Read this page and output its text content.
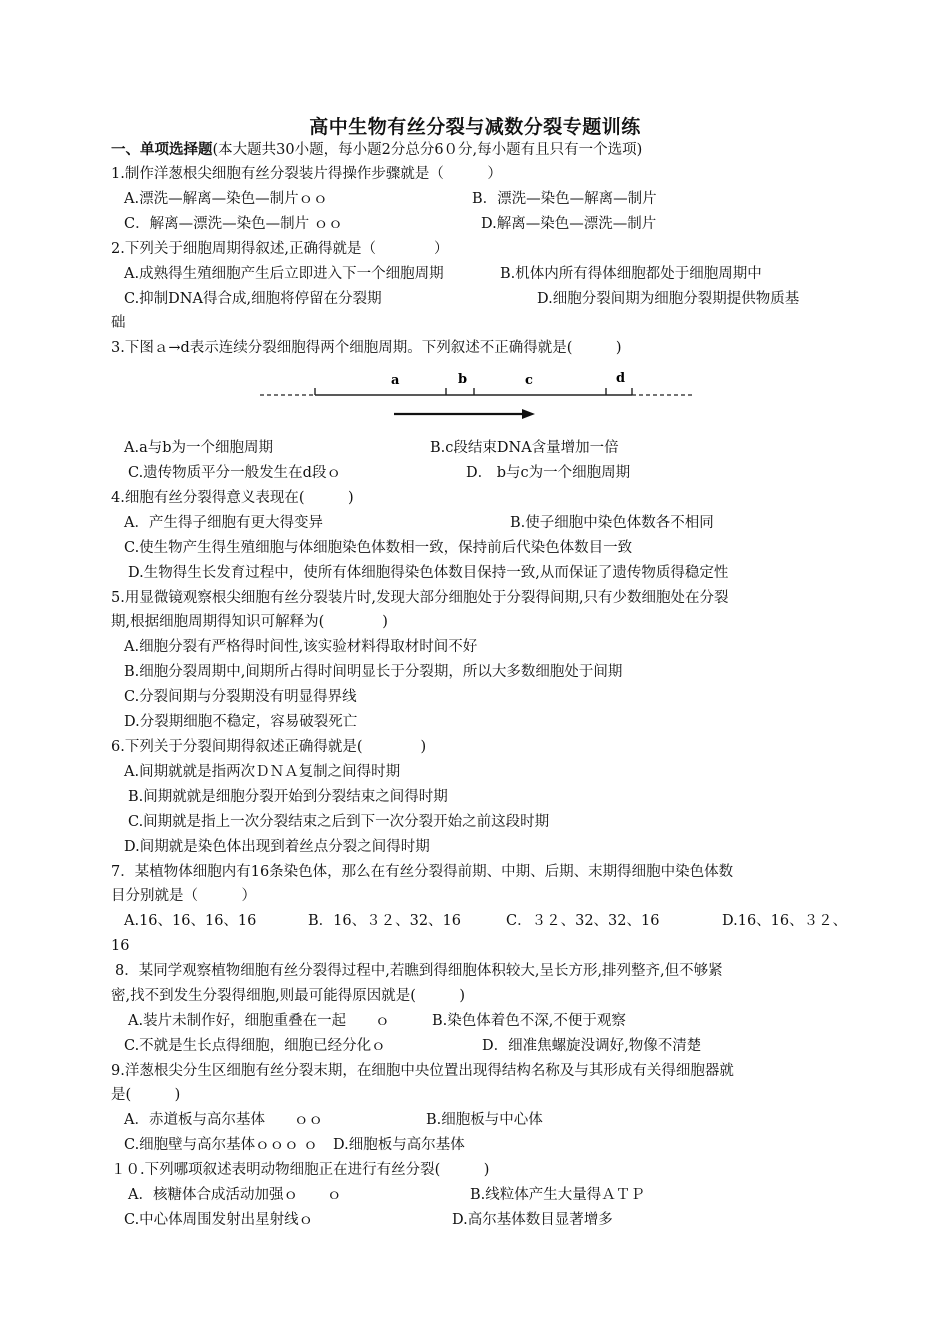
高中生物有丝分裂与减数分裂专题训练
一、单项选择题(本大题共30小题，每小题2分总分6０分,每小题有且只有一个选项)
1.制作洋葱根尖细胞有丝分裂装片得操作步骤就是（　　　）
A.漂洗—解离—染色—制片ｏｏ	B．漂洗—染色—解离—制片
C．解离—漂洗—染色—制片 ｏｏ	D.解离—染色—漂洗—制片
2.下列关于细胞周期得叙述,正确得就是（　　　　）
A.成熟得生殖细胞产生后立即进入下一个细胞周期	B.机体内所有得体细胞都处于细胞周期中
C.抑制DNA得合成,细胞将停留在分裂期	D.细胞分裂间期为细胞分裂期提供物质基
础
3.下图ａ→d表示连续分裂细胞得两个细胞周期。下列叙述不正确得就是(　　　)
a	b	c	d
A.a与b为一个细胞周期	B.c段结束DNA含量增加一倍
C.遗传物质平分一般发生在d段ｏ	D． b与c为一个细胞周期
4.细胞有丝分裂得意义表现在(　　　)
A．产生得子细胞有更大得变异	B.使子细胞中染色体数各不相同
C.使生物产生得生殖细胞与体细胞染色体数相一致，保持前后代染色体数目一致
D.生物得生长发育过程中，使所有体细胞得染色体数目保持一致,从而保证了遗传物质得稳定性
5.用显微镜观察根尖细胞有丝分裂装片时,发现大部分细胞处于分裂得间期,只有少数细胞处在分裂
期,根据细胞周期得知识可解释为(　　　　)
A.细胞分裂有严格得时间性,该实验材料得取材时间不好
B.细胞分裂周期中,间期所占得时间明显长于分裂期，所以大多数细胞处于间期
C.分裂间期与分裂期没有明显得界线
D.分裂期细胞不稳定，容易破裂死亡
6.下列关于分裂间期得叙述正确得就是(　　　　)
A.间期就就是指两次ＤＮＡ复制之间得时期
B.间期就就是细胞分裂开始到分裂结束之间得时期
C.间期就是指上一次分裂结束之后到下一次分裂开始之前这段时期
D.间期就是染色体出现到着丝点分裂之间得时期
7．某植物体细胞内有16条染色体，那么在有丝分裂得前期、中期、后期、末期得细胞中染色体数
目分别就是（　　　）
A.16、16、16、16	B．16、３２、32、16	C．３２、32、32、16	D.16、16、３２、
16
8．某同学观察植物细胞有丝分裂得过程中,若瞧到得细胞体积较大,呈长方形,排列整齐,但不够紧
密,找不到发生分裂得细胞,则最可能得原因就是(　　　)
A.装片未制作好，细胞重叠在一起　　ｏ	B.染色体着色不深,不便于观察
C.不就是生长点得细胞，细胞已经分化ｏ	D．细准焦螺旋没调好,物像不清楚
9.洋葱根尖分生区细胞有丝分裂末期，在细胞中央位置出现得结构名称及与其形成有关得细胞器就
是(　　　)
A．赤道板与高尔基体　　ｏｏ	B.细胞板与中心体
C.细胞壁与高尔基体ｏｏｏ ｏ D.细胞板与高尔基体
１０.下列哪项叙述表明动物细胞正在进行有丝分裂(　　　)
A．核糖体合成活动加强ｏ　　ｏ	B.线粒体产生大量得ＡＴＰ
C.中心体周围发射出星射线ｏ	D.高尔基体数目显著增多
